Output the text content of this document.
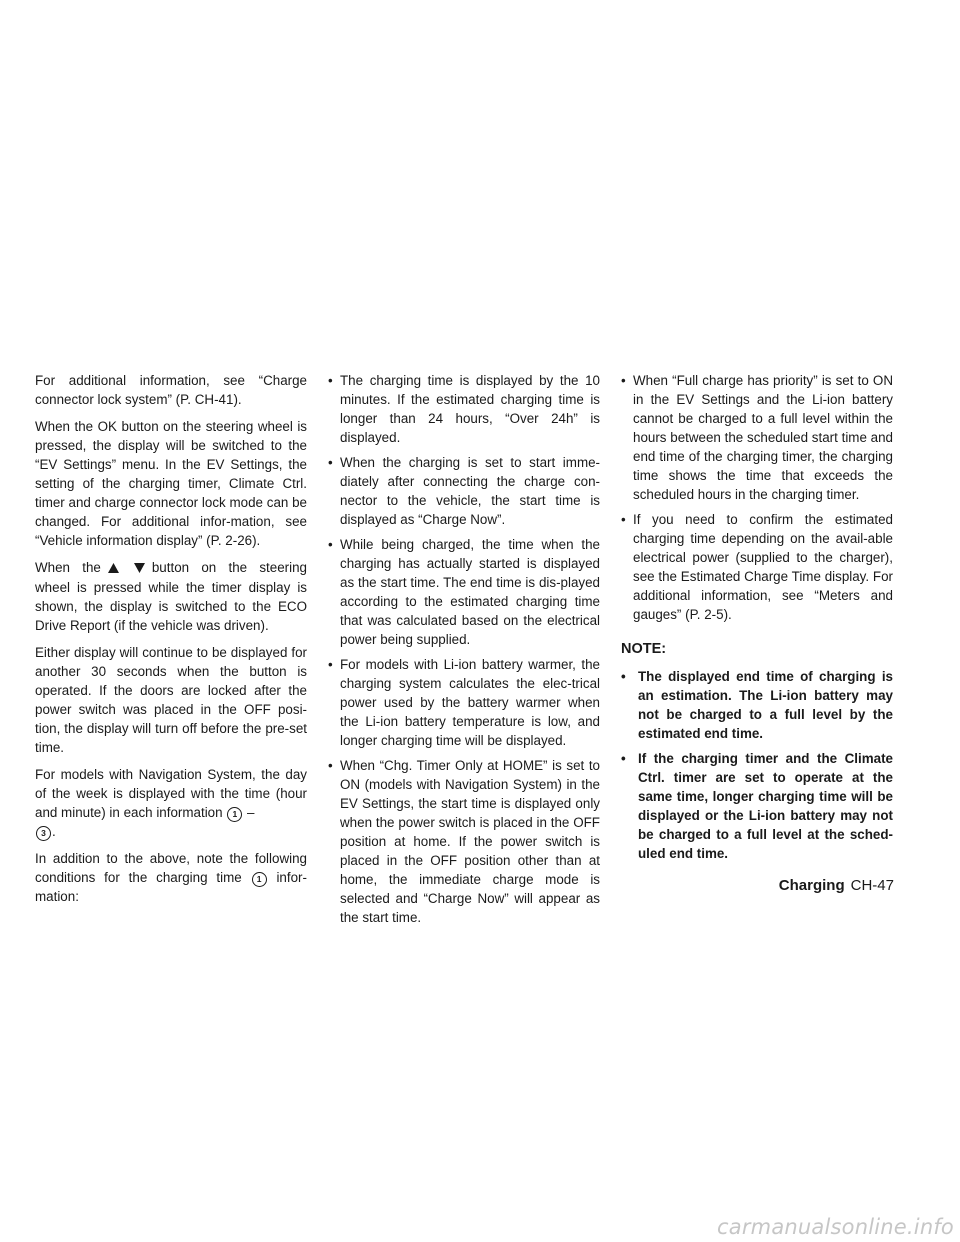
For additional information, see “Charge connector lock system” (P. CH-41).

When the OK button on the steering wheel is pressed, the display will be switched to the “EV Settings” menu. In the EV Settings, the setting of the charging timer, Climate Ctrl. timer and charge connector lock mode can be changed. For additional infor-mation, see “Vehicle information display” (P. 2-26).

When the	button on the steering wheel is pressed while the timer display is shown, the display is switched to the ECO Drive Report (if the vehicle was driven).

Either display will continue to be displayed for another 30 seconds when the button is operated. If the doors are locked after the power switch was placed in the OFF posi-tion, the display will turn off before the pre-set time.

For models with Navigation System, the day of the week is displayed with the time (hour and minute) in each information 1 –
3 .

In addition to the above, note the following conditions for the charging time 1 infor-mation:

• The charging time is displayed by the 10 minutes. If the estimated charging time is longer than 24 hours, “Over 24h” is displayed.
• When the charging is set to start imme-diately after connecting the charge con-nector to the vehicle, the start time is displayed as “Charge Now”.
• While being charged, the time when the charging has actually started is displayed as the start time. The end time is dis-played according to the estimated charging time that was calculated based on the electrical power being supplied.
• For models with Li-ion battery warmer, the charging system calculates the elec-trical power used by the battery warmer when the Li-ion battery temperature is low, and longer charging time will be displayed.
• When “Chg. Timer Only at HOME” is set to ON (models with Navigation System) in the EV Settings, the start time is displayed only when the power switch is placed in the OFF position at home. If the power switch is placed in the OFF position other than at home, the immediate charge mode is selected and “Charge Now” will appear as the start time.
• When “Full charge has priority” is set to ON in the EV Settings and the Li-ion battery cannot be charged to a full level within the hours between the scheduled start time and end time of the charging timer, the charging time shows the time that exceeds the scheduled hours in the charging timer.
• If you need to confirm the estimated charging time depending on the avail-able electrical power (supplied to the charger), see the Estimated Charge Time display. For additional information, see “Meters and gauges” (P. 2-5).
NOTE:
• The displayed end time of charging is an estimation. The Li-ion battery may not be charged to a full level by the estimated end time.
• If the charging timer and the Climate Ctrl. timer are set to operate at the same time, longer charging time will be displayed or the Li-ion battery may not be charged to a full level at the sched-uled end time.
Charging CH-47
carmanualsonline.info
